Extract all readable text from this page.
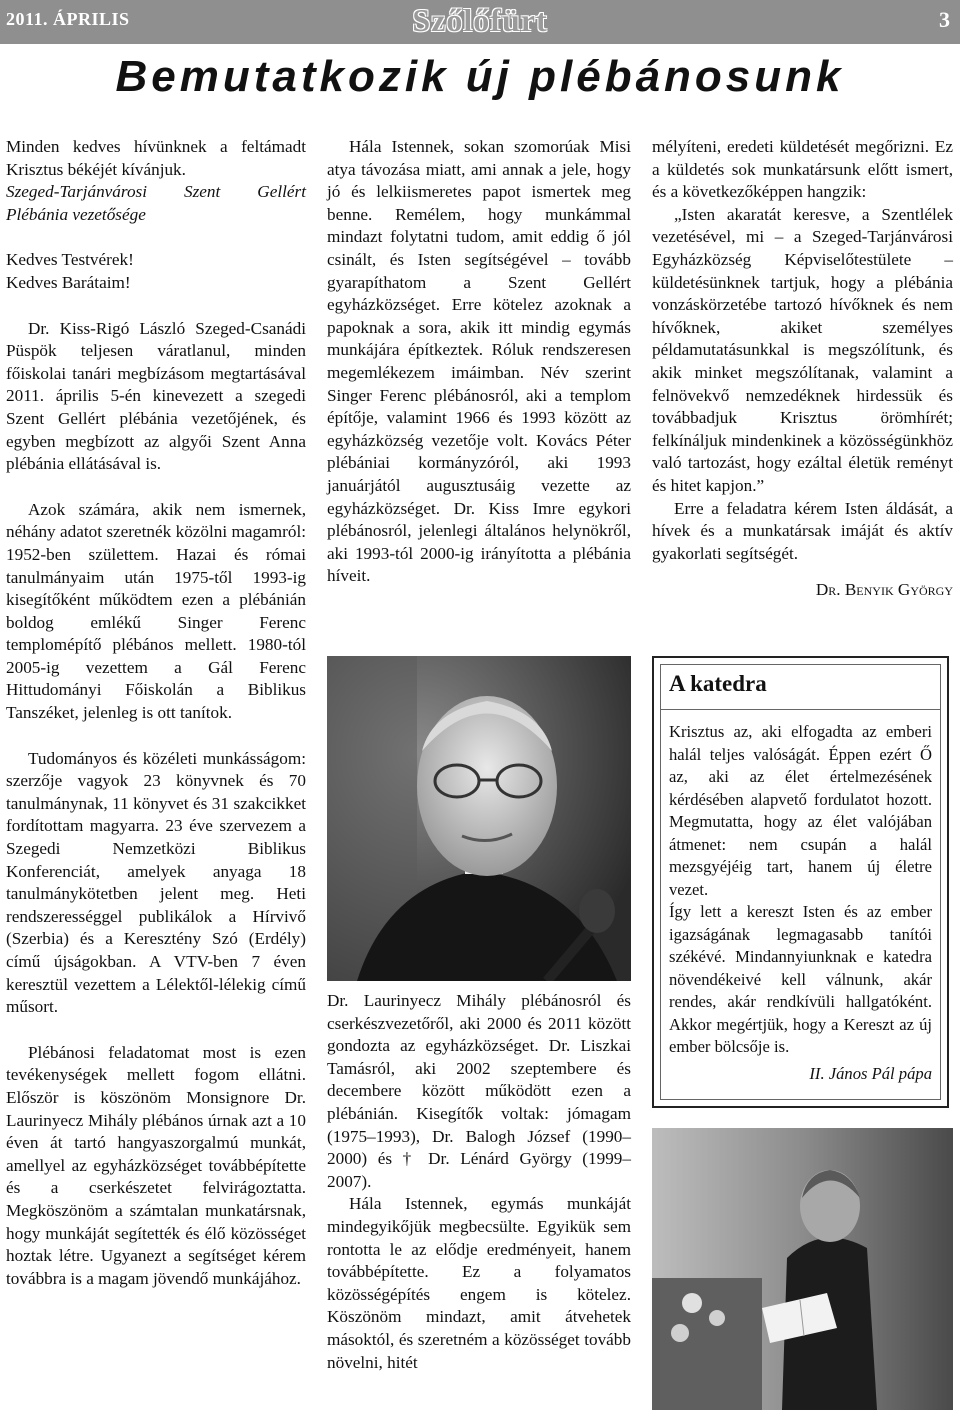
2011. ÁPRILIS	Szőlőfürt	3
Bemutatkozik új plébánosunk

Minden kedves hívünknek a feltámadt Krisztus békéjét kívánjuk.

Szeged-Tarjánvárosi Szent Gellért Plébánia vezetősége

Kedves Testvérek!

Kedves Barátaim!

Dr. Kiss-Rigó László Szeged-Csanádi Püspök teljesen váratlanul, minden főiskolai tanári megbízásom megtartásával 2011. április 5-én kinevezett a szegedi Szent Gellért plébánia vezetőjének, és egyben megbízott az algyői Szent Anna plébánia ellátásával is.

Azok számára, akik nem ismernek, néhány adatot szeretnék közölni magamról: 1952-ben születtem. Hazai és római tanulmányaim után 1975-től 1993-ig kisegítőként működtem ezen a plébánián boldog emlékű Singer Ferenc templomépítő plébános mellett. 1980-tól 2005-ig vezettem a Gál Ferenc Hittudományi Főiskolán a Biblikus Tanszéket, jelenleg is ott tanítok.

Tudományos és közéleti munkásságom: szerzője vagyok 23 könyvnek és 70 tanulmánynak, 11 könyvet és 31 szakcikket fordítottam magyarra. 23 éve szervezem a Szegedi Nemzetközi Biblikus Konferenciát, amelyek anyaga 18 tanulmánykötetben jelent meg. Heti rendszerességgel publikálok a Hírvivő (Szerbia) és a Keresztény Szó (Erdély) című újságokban. A VTV-ben 7 éven keresztül vezettem a Lélektől-lélekig című műsort.

Plébánosi feladatomat most is ezen tevékenységek mellett fogom ellátni. Először is köszönöm Monsignore Dr. Laurinyecz Mihály plébános úrnak azt a 10 éven át tartó hangyaszorgalmú munkát, amellyel az egyházközséget továbbépítette és a cserkészetet felvirágoztatta. Megköszönöm a számtalan munkatársnak, hogy munkáját segítették és élő közösséget hoztak létre. Ugyanezt a segítséget kérem továbbra is a magam jövendő munkájához.

Hála Istennek, sokan szomorúak Misi atya távozása miatt, ami annak a jele, hogy jó és lelkiismeretes papot ismertek meg benne. Remélem, hogy munkámmal mindazt folytatni tudom, amit eddig ő jól csinált, és Isten segítségével – tovább gyarapíthatom a Szent Gellért egyházközséget. Erre kötelez azoknak a papoknak a sora, akik itt mindig egymás munkájára építkeztek. Róluk rendszeresen megemlékezem imáimban. Név szerint Singer Ferenc plébánosról, aki a templom építője, valamint 1966 és 1993 között az egyházközség vezetője volt. Kovács Péter plébániai kormányzóról, aki 1993 januárjától augusztusáig vezette az egyházközséget. Dr. Kiss Imre egykori plébánosról, jelenlegi általános helynökről, aki 1993-tól 2000-ig irányította a plébánia híveit.

Dr. Laurinyecz Mihály plébánosról és cserkészvezetőről, aki 2000 és 2011 között gondozta az egyházközséget. Dr. Liszkai Tamásról, aki 2002 szeptembere és decembere között működött ezen a plébánián. Kisegítők voltak: jómagam (1975–1993), Dr. Balogh József (1990–2000) és † Dr. Lénárd György (1999–2007).

Hála Istennek, egymás munkáját mindegyikőjük megbecsülte. Egyikük sem rontotta le az elődje eredményeit, hanem továbbépítette. Ez a folyamatos közösségépítés engem is kötelez. Köszönöm mindazt, amit átvehetek másoktól, és szeretném a közösséget tovább növelni, hitét

mélyíteni, eredeti küldetését megőrizni. Ez a küldetés sok munkatársunk előtt ismert, és a következőképpen hangzik:

„Isten akaratát keresve, a Szentlélek vezetésével, mi – a Szeged-Tarjánvárosi Egyházközség Képviselőtestülete – küldetésünknek tartjuk, hogy a plébánia vonzáskörzetébe tartozó hívőknek és nem hívőknek, akiket személyes példamutatásunkkal is megszólítunk, és akik minket megszólítanak, valamint a felnövekvő nemzedéknek hirdessük és továbbadjuk Krisztus örömhírét; felkínáljuk mindenkinek a közösségünkhöz való tartozást, hogy ezáltal életük reményt és hitet kapjon.”

Erre a feladatra kérem Isten áldását, a hívek és a munkatársak imáját és aktív gyakorlati segítségét.

Dr. Benyik György

A katedra

Krisztus az, aki elfogadta az emberi halál teljes valóságát. Éppen ezért Ő az, aki az élet értelmezésének kérdésében alapvető fordulatot hozott. Megmutatta, hogy az élet valójában átmenet: nem csupán a halál mezsgyéjéig tart, hanem új életre vezet.

Így lett a kereszt Isten és az ember igazságának legmagasabb tanítói székévé. Mindannyiunknak e katedra növendékeivé kell válnunk, akár rendes, akár rendkívüli hallgatóként. Akkor megértjük, hogy a Kereszt az új ember bölcsője is.

II. János Pál pápa
